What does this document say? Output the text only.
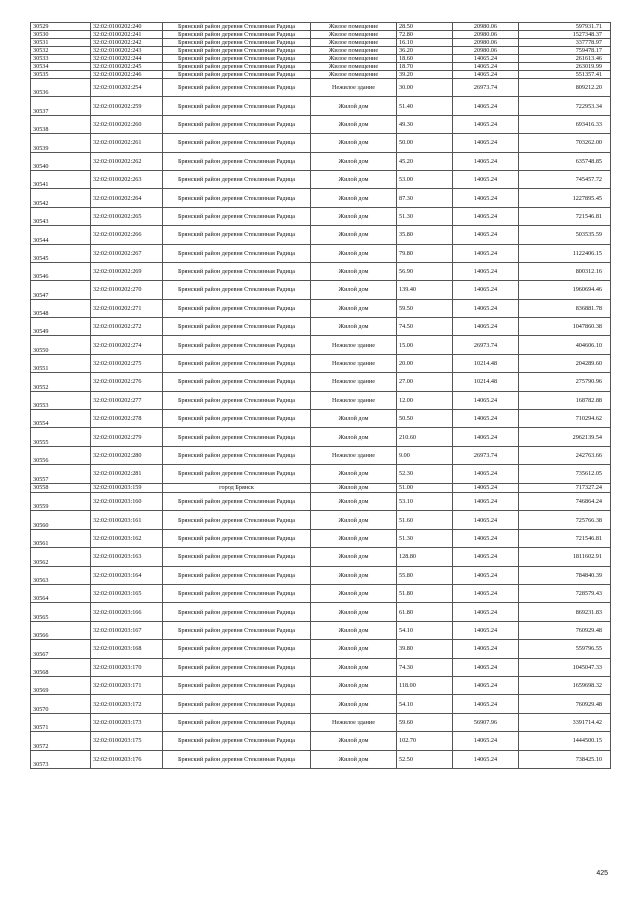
30529	32:02:0100202:240	Брянский район деревня Стеклянная Радица	Жилое помещение	28.50	20980.06	597931.71
30530	32:02:0100202:241	Брянский район деревня Стеклянная Радица	Жилое помещение	72.80	20980.06	1527348.37
30531	32:02:0100202:242	Брянский район деревня Стеклянная Радица	Жилое помещение	16.10	20980.06	337778.97
30532	32:02:0100202:243	Брянский район деревня Стеклянная Радица	Жилое помещение	36.20	20980.06	759478.17
30533	32:02:0100202:244	Брянский район деревня Стеклянная Радица	Жилое помещение	18.60	14065.24	261613.46
30534	32:02:0100202:245	Брянский район деревня Стеклянная Радица	Жилое помещение	18.70	14065.24	263019.99
30535	32:02:0100202:246	Брянский район деревня Стеклянная Радица	Жилое помещение	39.20	14065.24	551357.41
30536	32:02:0100202:254	Брянский район деревня Стеклянная Радица	Нежилое здание	30.00	26973.74	809212.20
30537	32:02:0100202:259	Брянский район деревня Стеклянная Радица	Жилой дом	51.40	14065.24	722953.34
30538	32:02:0100202:260	Брянский район деревня Стеклянная Радица	Жилой дом	49.30	14065.24	693416.33
30539	32:02:0100202:261	Брянский район деревня Стеклянная Радица	Жилой дом	50.00	14065.24	703262.00
30540	32:02:0100202:262	Брянский район деревня Стеклянная Радица	Жилой дом	45.20	14065.24	635748.85
30541	32:02:0100202:263	Брянский район деревня Стеклянная Радица	Жилой дом	53.00	14065.24	745457.72
30542	32:02:0100202:264	Брянский район деревня Стеклянная Радица	Жилой дом	87.30	14065.24	1227895.45
30543	32:02:0100202:265	Брянский район деревня Стеклянная Радица	Жилой дом	51.30	14065.24	721546.81
30544	32:02:0100202:266	Брянский район деревня Стеклянная Радица	Жилой дом	35.80	14065.24	503535.59
30545	32:02:0100202:267	Брянский район деревня Стеклянная Радица	Жилой дом	79.80	14065.24	1122406.15
30546	32:02:0100202:269	Брянский район деревня Стеклянная Радица	Жилой дом	56.90	14065.24	800312.16
30547	32:02:0100202:270	Брянский район деревня Стеклянная Радица	Жилой дом	139.40	14065.24	1960694.46
30548	32:02:0100202:271	Брянский район деревня Стеклянная Радица	Жилой дом	59.50	14065.24	836881.78
30549	32:02:0100202:272	Брянский район деревня Стеклянная Радица	Жилой дом	74.50	14065.24	1047860.38
30550	32:02:0100202:274	Брянский район деревня Стеклянная Радица	Нежилое здание	15.00	26973.74	404606.10
30551	32:02:0100202:275	Брянский район деревня Стеклянная Радица	Нежилое здание	20.00	10214.48	204289.60
30552	32:02:0100202:276	Брянский район деревня Стеклянная Радица	Нежилое здание	27.00	10214.48	275790.96
30553	32:02:0100202:277	Брянский район деревня Стеклянная Радица	Нежилое здание	12.00	14065.24	168782.88
30554	32:02:0100202:278	Брянский район деревня Стеклянная Радица	Жилой дом	50.50	14065.24	710294.62
30555	32:02:0100202:279	Брянский район деревня Стеклянная Радица	Жилой дом	210.60	14065.24	2962139.54
30556	32:02:0100202:280	Брянский район деревня Стеклянная Радица	Нежилое здание	9.00	26973.74	242763.66
30557	32:02:0100202:281	Брянский район деревня Стеклянная Радица	Жилой дом	52.30	14065.24	735612.05
30558	32:02:0100203:159	город Брянск	Жилой дом	51.00	14065.24	717327.24
30559	32:02:0100203:160	Брянский район деревня Стеклянная Радица	Жилой дом	53.10	14065.24	746864.24
30560	32:02:0100203:161	Брянский район деревня Стеклянная Радица	Жилой дом	51.60	14065.24	725766.38
30561	32:02:0100203:162	Брянский район деревня Стеклянная Радица	Жилой дом	51.30	14065.24	721546.81
30562	32:02:0100203:163	Брянский район деревня Стеклянная Радица	Жилой дом	128.80	14065.24	1811602.91
30563	32:02:0100203:164	Брянский район деревня Стеклянная Радица	Жилой дом	55.80	14065.24	784840.39
30564	32:02:0100203:165	Брянский район деревня Стеклянная Радица	Жилой дом	51.80	14065.24	728579.43
30565	32:02:0100203:166	Брянский район деревня Стеклянная Радица	Жилой дом	61.80	14065.24	869231.83
30566	32:02:0100203:167	Брянский район деревня Стеклянная Радица	Жилой дом	54.10	14065.24	760929.48
30567	32:02:0100203:168	Брянский район деревня Стеклянная Радица	Жилой дом	39.80	14065.24	559796.55
30568	32:02:0100203:170	Брянский район деревня Стеклянная Радица	Жилой дом	74.30	14065.24	1045047.33
30569	32:02:0100203:171	Брянский район деревня Стеклянная Радица	Жилой дом	118.00	14065.24	1659698.32
30570	32:02:0100203:172	Брянский район деревня Стеклянная Радица	Жилой дом	54.10	14065.24	760929.48
30571	32:02:0100203:173	Брянский район деревня Стеклянная Радица	Нежилое здание	59.60	56907.96	3391714.42
30572	32:02:0100203:175	Брянский район деревня Стеклянная Радица	Жилой дом	102.70	14065.24	1444500.15
30573	32:02:0100203:176	Брянский район деревня Стеклянная Радица	Жилой дом	52.50	14065.24	738425.10
425
